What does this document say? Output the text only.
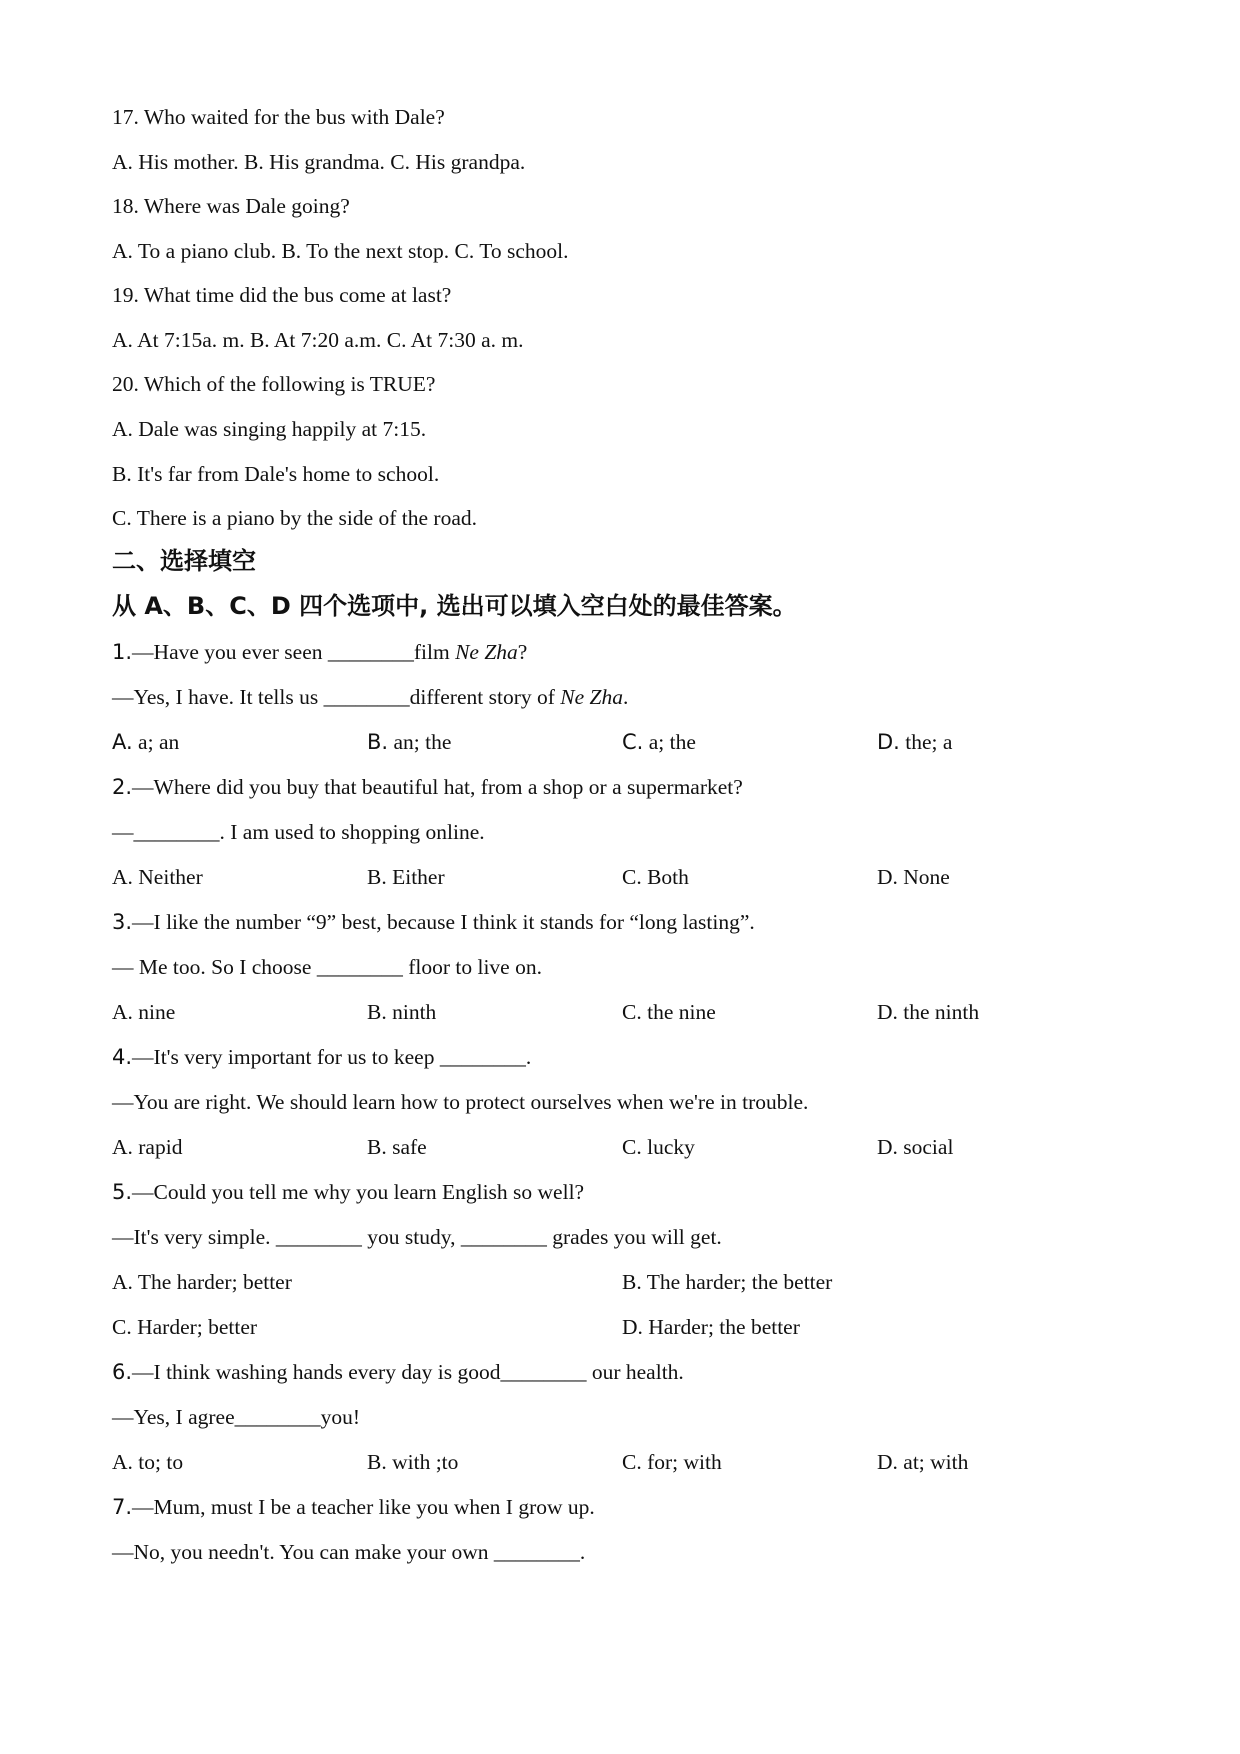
17. Who waited for the bus with Dale?
A. His mother. B. His grandma. C. His grandpa.
18. Where was Dale going?
A. To a piano club. B. To the next stop. C. To school.
19. What time did the bus come at last?
A. At 7:15a. m. B. At 7:20 a.m. C. At 7:30 a. m.
20. Which of the following is TRUE?
A. Dale was singing happily at 7:15.
B. It's far from Dale's home to school.
C. There is a piano by the side of the road.
二、选择填空
从 A、B、C、D 四个选项中, 选出可以填入空白处的最佳答案。
1.—Have you ever seen ________film Ne Zha?
—Yes, I have. It tells us ________different story of Ne Zha.
A. a; an	B. an; the	C. a; the	D. the; a
2.—Where did you buy that beautiful hat, from a shop or a supermarket?
—________. I am used to shopping online.
A. Neither	B. Either	C. Both	D. None
3.—I like the number “9” best, because I think it stands for “long lasting”.
— Me too. So I choose ________ floor to live on.
A. nine	B. ninth	C. the nine	D. the ninth
4.—It's very important for us to keep ________.
—You are right. We should learn how to protect ourselves when we're in trouble.
A. rapid	B. safe	C. lucky	D. social
5.—Could you tell me why you learn English so well?
—It's very simple. ________ you study, ________ grades you will get.
A. The harder; better	B. The harder; the better
C. Harder; better	D. Harder; the better
6.—I think washing hands every day is good________ our health.
—Yes, I agree________you!
A. to; to	B. with ;to	C. for; with	D. at; with
7.—Mum, must I be a teacher like you when I grow up.
—No, you needn't. You can make your own ________.
